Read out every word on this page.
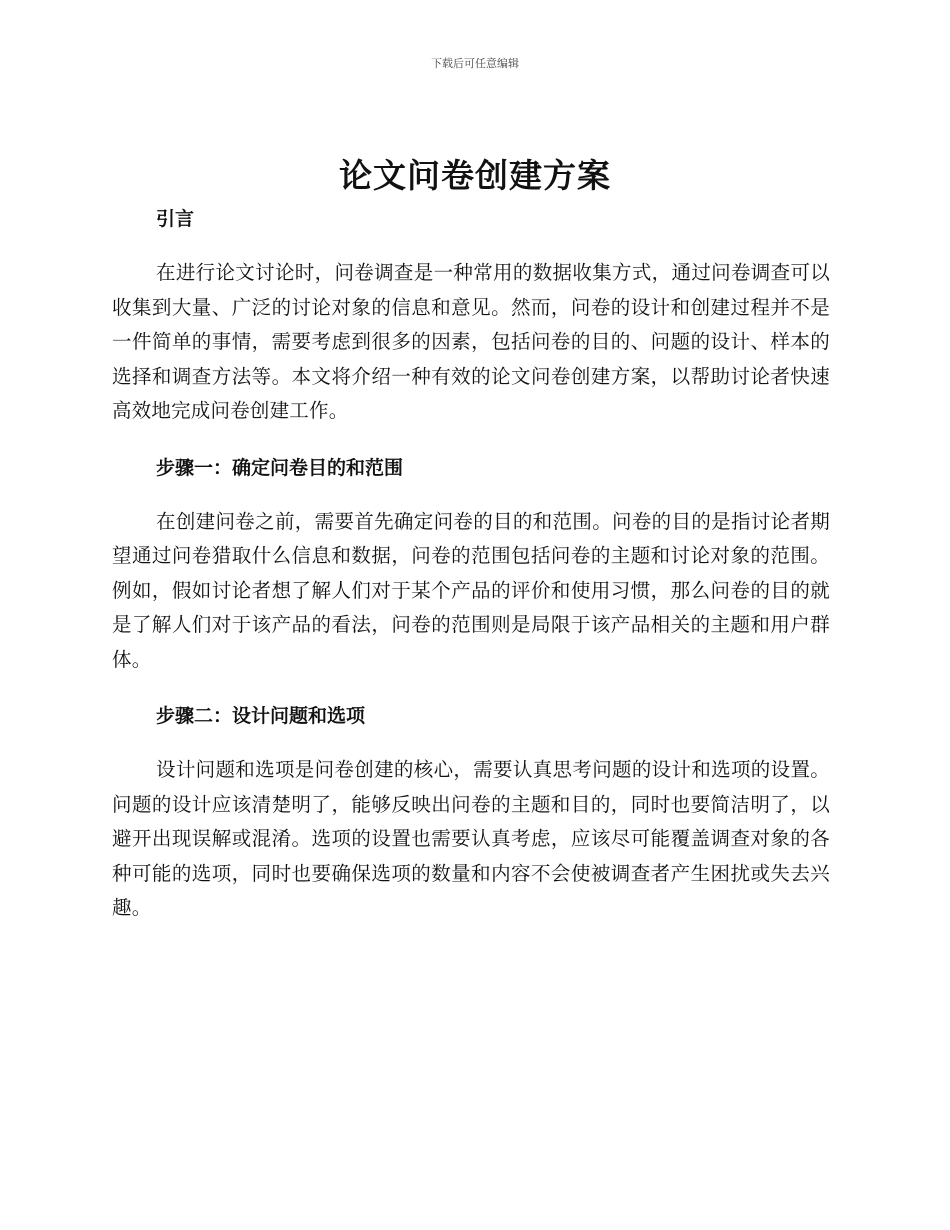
下载后可任意编辑
论文问卷创建方案
引言

在进行论文讨论时，问卷调查是一种常用的数据收集方式，通过问卷调查可以收集到大量、广泛的讨论对象的信息和意见。然而，问卷的设计和创建过程并不是一件简单的事情，需要考虑到很多的因素，包括问卷的目的、问题的设计、样本的选择和调查方法等。本文将介绍一种有效的论文问卷创建方案，以帮助讨论者快速高效地完成问卷创建工作。

步骤一：确定问卷目的和范围

在创建问卷之前，需要首先确定问卷的目的和范围。问卷的目的是指讨论者期望通过问卷猎取什么信息和数据，问卷的范围包括问卷的主题和讨论对象的范围。例如，假如讨论者想了解人们对于某个产品的评价和使用习惯，那么问卷的目的就是了解人们对于该产品的看法，问卷的范围则是局限于该产品相关的主题和用户群体。

步骤二：设计问题和选项

设计问题和选项是问卷创建的核心，需要认真思考问题的设计和选项的设置。问题的设计应该清楚明了，能够反映出问卷的主题和目的，同时也要简洁明了，以避开出现误解或混淆。选项的设置也需要认真考虑，应该尽可能覆盖调查对象的各种可能的选项，同时也要确保选项的数量和内容不会使被调查者产生困扰或失去兴趣。
